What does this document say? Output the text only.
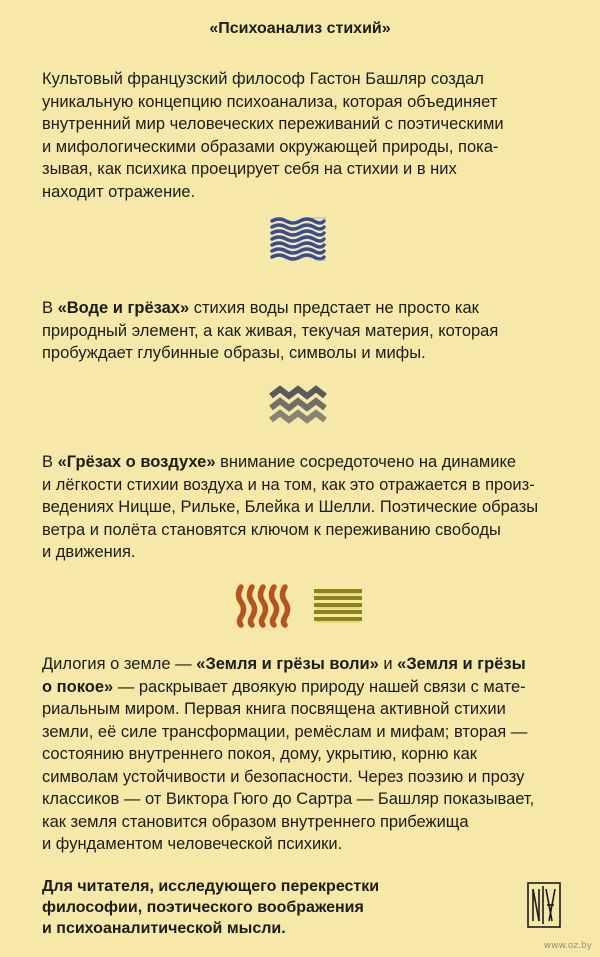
«Психоанализ стихий»

Культовый французский философ Гастон Башляр создал
уникальную концепцию психоанализа, которая объединяет
внутренний мир человеческих переживаний с поэтическими
и мифологическими образами окружающей природы, пока-
зывая, как психика проецирует себя на стихии и в них
находит отражение.

В «Воде и грёзах» стихия воды предстает не просто как
природный элемент, а как живая, текучая материя, которая
пробуждает глубинные образы, символы и мифы.

В «Грёзах о воздухе» внимание сосредоточено на динамике
и лёгкости стихии воздуха и на том, как это отражается в произ-
ведениях Ницше, Рильке, Блейка и Шелли. Поэтические образы
ветра и полёта становятся ключом к переживанию свободы
и движения.

Дилогия о земле — «Земля и грёзы воли» и «Земля и грёзы
о покое» — раскрывает двоякую природу нашей связи с мате-
риальным миром. Первая книга посвящена активной стихии
земли, её силе трансформации, ремёслам и мифам; вторая —
состоянию внутреннего покоя, дому, укрытию, корню как
символам устойчивости и безопасности. Через поэзию и прозу
классиков — от Виктора Гюго до Сартра — Башляр показывает,
как земля становится образом внутреннего прибежища
и фундаментом человеческой психики.

Для читателя, исследующего перекрестки
философии, поэтического воображения
и психоаналитической мысли.
www.oz.by
